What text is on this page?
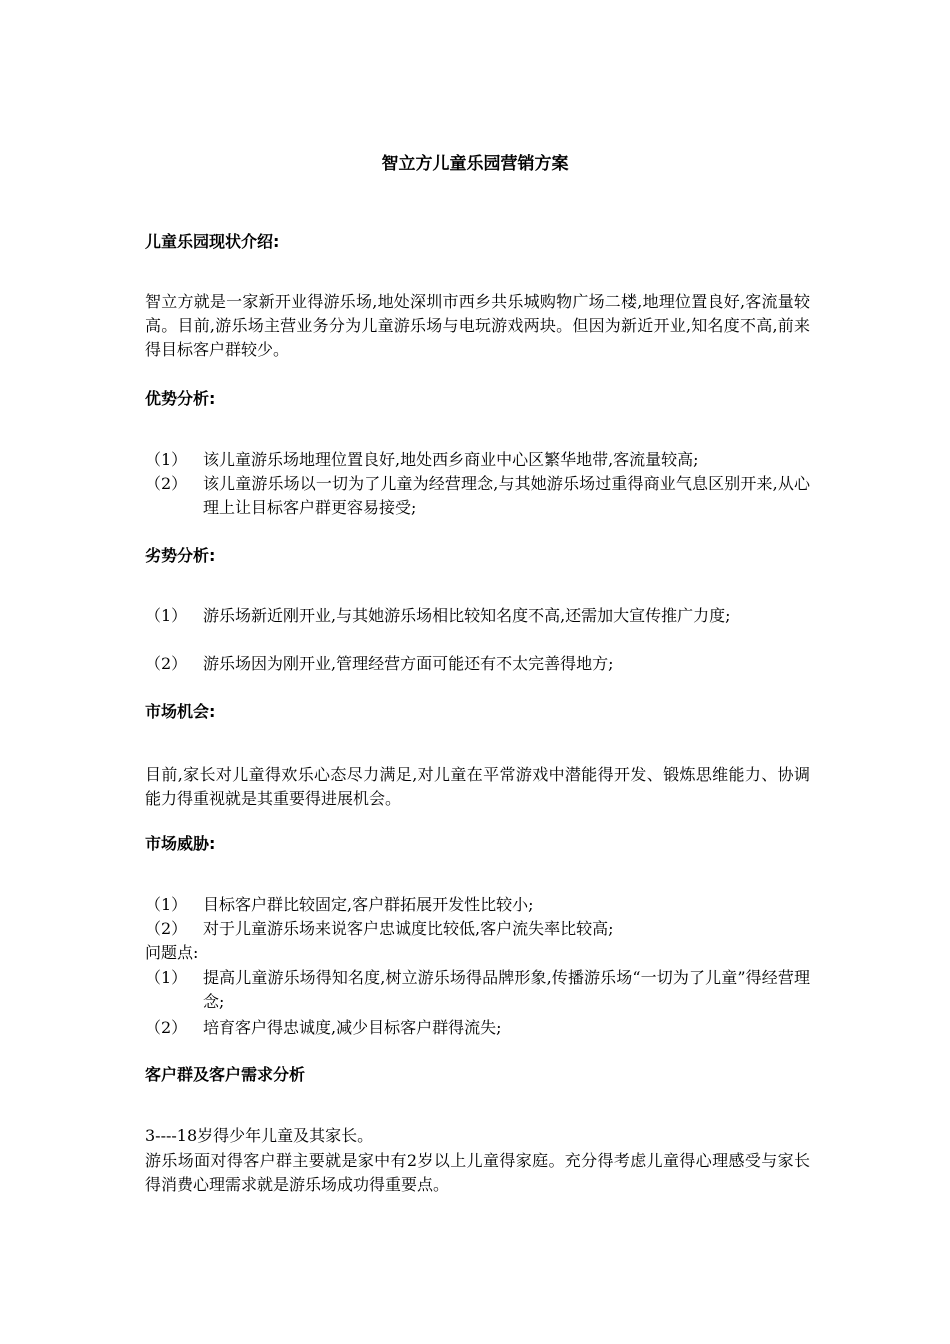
智立方儿童乐园营销方案
儿童乐园现状介绍:

智立方就是一家新开业得游乐场,地处深圳市西乡共乐城购物广场二楼,地理位置良好,客流量较高。目前,游乐场主营业务分为儿童游乐场与电玩游戏两块。但因为新近开业,知名度不高,前来得目标客户群较少。

优势分析:
（1） 该儿童游乐场地理位置良好,地处西乡商业中心区繁华地带,客流量较高;
（2） 该儿童游乐场以一切为了儿童为经营理念,与其她游乐场过重得商业气息区别开来,从心理上让目标客户群更容易接受;
劣势分析:
（1） 游乐场新近刚开业,与其她游乐场相比较知名度不高,还需加大宣传推广力度;
（2） 游乐场因为刚开业,管理经营方面可能还有不太完善得地方;
市场机会:

目前,家长对儿童得欢乐心态尽力满足,对儿童在平常游戏中潜能得开发、锻炼思维能力、协调能力得重视就是其重要得进展机会。

市场威胁:
（1） 目标客户群比较固定,客户群拓展开发性比较小;
（2） 对于儿童游乐场来说客户忠诚度比较低,客户流失率比较高;

问题点:

（1） 提高儿童游乐场得知名度,树立游乐场得品牌形象,传播游乐场“一切为了儿童”得经营理念;
（2） 培育客户得忠诚度,减少目标客户群得流失;
客户群及客户需求分析

3----18岁得少年儿童及其家长。

游乐场面对得客户群主要就是家中有2岁以上儿童得家庭。充分得考虑儿童得心理感受与家长得消费心理需求就是游乐场成功得重要点。
